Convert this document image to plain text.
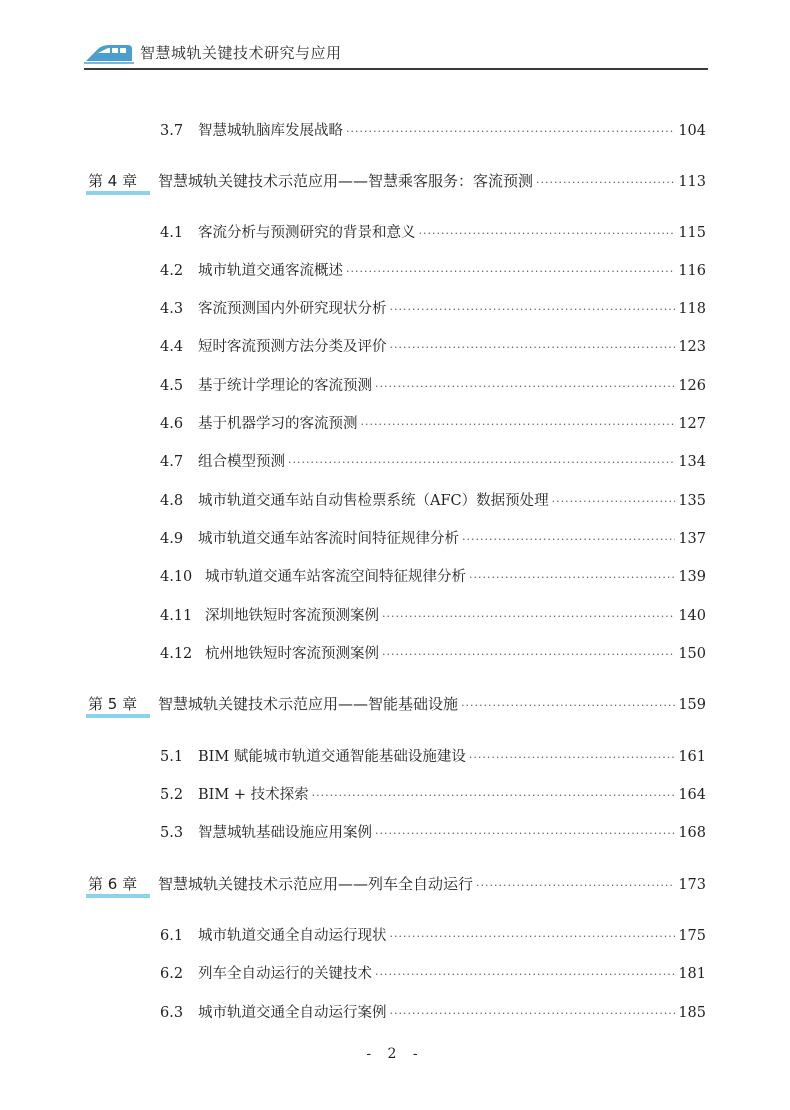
智慧城轨关键技术研究与应用
3.7	智慧城轨脑库发展战略 ·····	104
第 4 章	智慧城轨关键技术示范应用——智慧乘客服务：客流预测 ·····	113
4.1	客流分析与预测研究的背景和意义 ·····	115
4.2	城市轨道交通客流概述 ·····	116
4.3	客流预测国内外研究现状分析 ·····	118
4.4	短时客流预测方法分类及评价 ·····	123
4.5	基于统计学理论的客流预测 ·····	126
4.6	基于机器学习的客流预测 ·····	127
4.7	组合模型预测 ·····	134
4.8	城市轨道交通车站自动售检票系统（AFC）数据预处理 ·····	135
4.9	城市轨道交通车站客流时间特征规律分析 ·····	137
4.10 城市轨道交通车站客流空间特征规律分析 ·····	139
4.11 深圳地铁短时客流预测案例 ·····	140
4.12 杭州地铁短时客流预测案例 ·····	150
第 5 章	智慧城轨关键技术示范应用——智能基础设施 ·····	159
5.1	BIM 赋能城市轨道交通智能基础设施建设 ·····	161
5.2	BIM + 技术探索 ·····	164
5.3	智慧城轨基础设施应用案例 ·····	168
第 6 章	智慧城轨关键技术示范应用——列车全自动运行 ·····	173
6.1	城市轨道交通全自动运行现状 ·····	175
6.2	列车全自动运行的关键技术 ·····	181
6.3	城市轨道交通全自动运行案例 ·····	185
- 2 -
